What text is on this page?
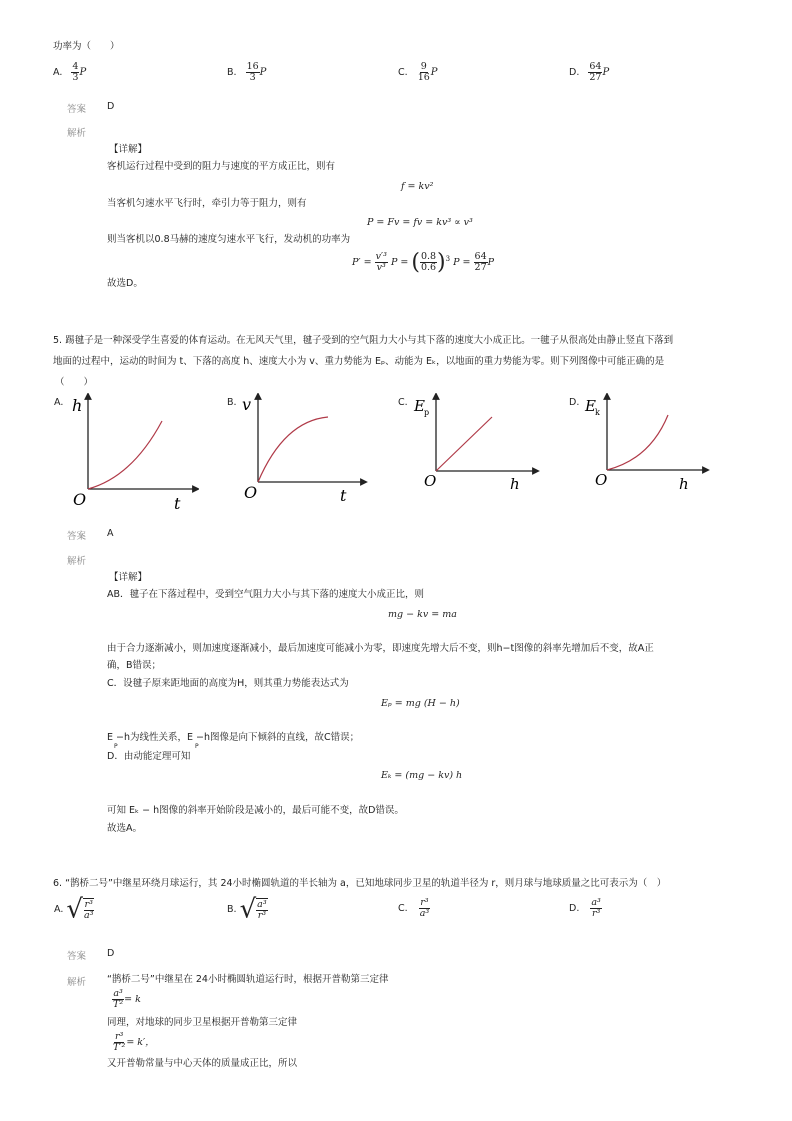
功率为（　　）
A. $\frac{4}{3}$ P	B. $\frac{16}{3}$ P	C. $\frac{9}{16}$ P	D. $\frac{64}{27}$ P
答案 D
解析
【详解】
客机运行过程中受到的阻力与速度的平方成正比，则有
f = kv²
当客机匀速水平飞行时，牵引力等于阻力，则有
P = Fv = fv = kv³ ∝ v³
则当客机以0.8马赫的速度匀速水平飞行，发动机的功率为
$P' = \frac{\text{v′³}}{\text{v³}}$ P = ( $\frac{0.8}{0.6} )^3$ $P = \frac{64}{27}$ P
故选D。
5. 踢毽子是一种深受学生喜爱的体育运动。在无风天气里，毽子受到的空气阻力大小与其下落的速度大小成正比。一毽子从很高处由静止竖直下落到
地面的过程中，运动的时间为 t、下落的高度 h、速度大小为 v、重力势能为 Eₚ、动能为 Eₖ，以地面的重力势能为零。则下列图像中可能正确的是
（　　）
A. h
t
O
B. v
t
O
C. E p
h
O
D. E k
h
O
答案 A
解析
【详解】
AB．毽子在下落过程中，受到空气阻力大小与其下落的速度大小成正比，则
mg − kv = ma
由于合力逐渐减小，则加速度逐渐减小，最后加速度可能减小为零，即速度先增大后不变，则h−t图像的斜率先增加后不变，故A正
确，B错误；
C．设毽子原来距地面的高度为H，则其重力势能表达式为
Eₚ = mg (H − h)
E −h为线性关系，E −h图像是向下倾斜的直线，故C错误；
P	P
D．由动能定理可知
Eₖ = (mg − kv) h
可知 Eₖ − h图像的斜率开始阶段是减小的，最后可能不变，故D错误。
故选A。
6. “鹊桥二号”中继星环绕月球运行，其 24小时椭圆轨道的半长轴为 a，已知地球同步卫星的轨道半径为 r，则月球与地球质量之比可表示为（　）
A. √ $\frac{\text{r³}}{\text{a³}}$	B. √ $\frac{\text{a³}}{\text{r³}}$	C. $\frac{\text{r³}}{\text{a³}}$	D. $\frac{\text{a³}}{\text{r³}}$
答案 D
解析 “鹊桥二号”中继星在 24小时椭圆轨道运行时，根据开普勒第三定律
$\frac{\text{a³}}{\text{T²}} = k$
同理，对地球的同步卫星根据开普勒第三定律
$\frac{\text{r³}}{\text{T′²}} = k'$，
又开普勒常量与中心天体的质量成正比，所以
